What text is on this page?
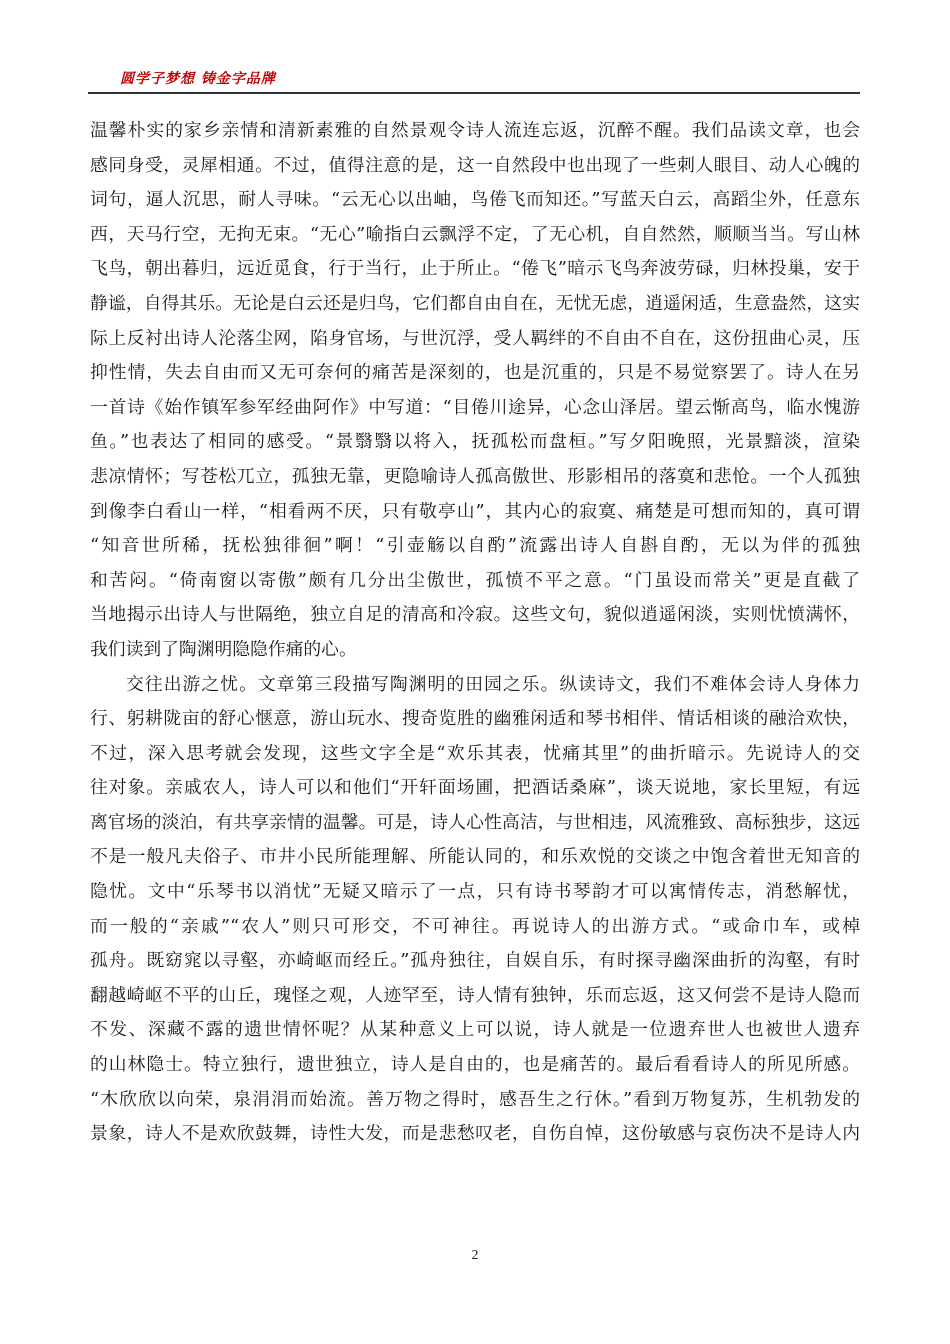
圆学子梦想 铸金字品牌
温馨朴实的家乡亲情和清新素雅的自然景观令诗人流连忘返，沉醉不醒。我们品读文章，也会
感同身受，灵犀相通。不过，值得注意的是，这一自然段中也出现了一些刺人眼目、动人心魄的
词句，逼人沉思，耐人寻味。“云无心以出岫，鸟倦飞而知还。”写蓝天白云，高蹈尘外，任意东
西，天马行空，无拘无束。“无心”喻指白云飘浮不定，了无心机，自自然然，顺顺当当。写山林
飞鸟，朝出暮归，远近觅食，行于当行，止于所止。“倦飞”暗示飞鸟奔波劳碌，归林投巢，安于
静谧，自得其乐。无论是白云还是归鸟，它们都自由自在，无忧无虑，逍遥闲适，生意盎然，这实
际上反衬出诗人沦落尘网，陷身官场，与世沉浮，受人羁绊的不自由不自在，这份扭曲心灵，压
抑性情，失去自由而又无可奈何的痛苦是深刻的，也是沉重的，只是不易觉察罢了。诗人在另
一首诗《始作镇军参军经曲阿作》中写道：“目倦川途异，心念山泽居。望云惭高鸟，临水愧游
鱼。”也表达了相同的感受。“景翳翳以将入，抚孤松而盘桓。”写夕阳晚照，光景黯淡，渲染
悲凉情怀；写苍松兀立，孤独无靠，更隐喻诗人孤高傲世、形影相吊的落寞和悲怆。一个人孤独
到像李白看山一样，“相看两不厌，只有敬亭山”，其内心的寂寞、痛楚是可想而知的，真可谓
“知音世所稀，抚松独徘徊”啊！“引壶觞以自酌”流露出诗人自斟自酌，无以为伴的孤独
和苦闷。“倚南窗以寄傲”颇有几分出尘傲世，孤愤不平之意。“门虽设而常关”更是直截了
当地揭示出诗人与世隔绝，独立自足的清高和冷寂。这些文句，貌似逍遥闲淡，实则忧愤满怀，
我们读到了陶渊明隐隐作痛的心。
交往出游之忧。文章第三段描写陶渊明的田园之乐。纵读诗文，我们不难体会诗人身体力
行、躬耕陇亩的舒心惬意，游山玩水、搜奇览胜的幽雅闲适和琴书相伴、情话相谈的融洽欢快，
不过，深入思考就会发现，这些文字全是“欢乐其表，忧痛其里”的曲折暗示。先说诗人的交
往对象。亲戚农人，诗人可以和他们“开轩面场圃，把酒话桑麻”，谈天说地，家长里短，有远
离官场的淡泊，有共享亲情的温馨。可是，诗人心性高洁，与世相违，风流雅致、高标独步，这远
不是一般凡夫俗子、市井小民所能理解、所能认同的，和乐欢悦的交谈之中饱含着世无知音的
隐忧。文中“乐琴书以消忧”无疑又暗示了一点，只有诗书琴韵才可以寓情传志，消愁解忧，
而一般的“亲戚”“农人”则只可形交，不可神往。再说诗人的出游方式。“或命巾车，或棹
孤舟。既窈窕以寻壑，亦崎岖而经丘。”孤舟独往，自娱自乐，有时探寻幽深曲折的沟壑，有时
翻越崎岖不平的山丘，瑰怪之观，人迹罕至，诗人情有独钟，乐而忘返，这又何尝不是诗人隐而
不发、深藏不露的遗世情怀呢？从某种意义上可以说，诗人就是一位遗弃世人也被世人遗弃
的山林隐士。特立独行，遗世独立，诗人是自由的，也是痛苦的。最后看看诗人的所见所感。
“木欣欣以向荣，泉涓涓而始流。善万物之得时，感吾生之行休。”看到万物复苏，生机勃发的
景象，诗人不是欢欣鼓舞，诗性大发，而是悲愁叹老，自伤自悼，这份敏感与哀伤决不是诗人内
2
